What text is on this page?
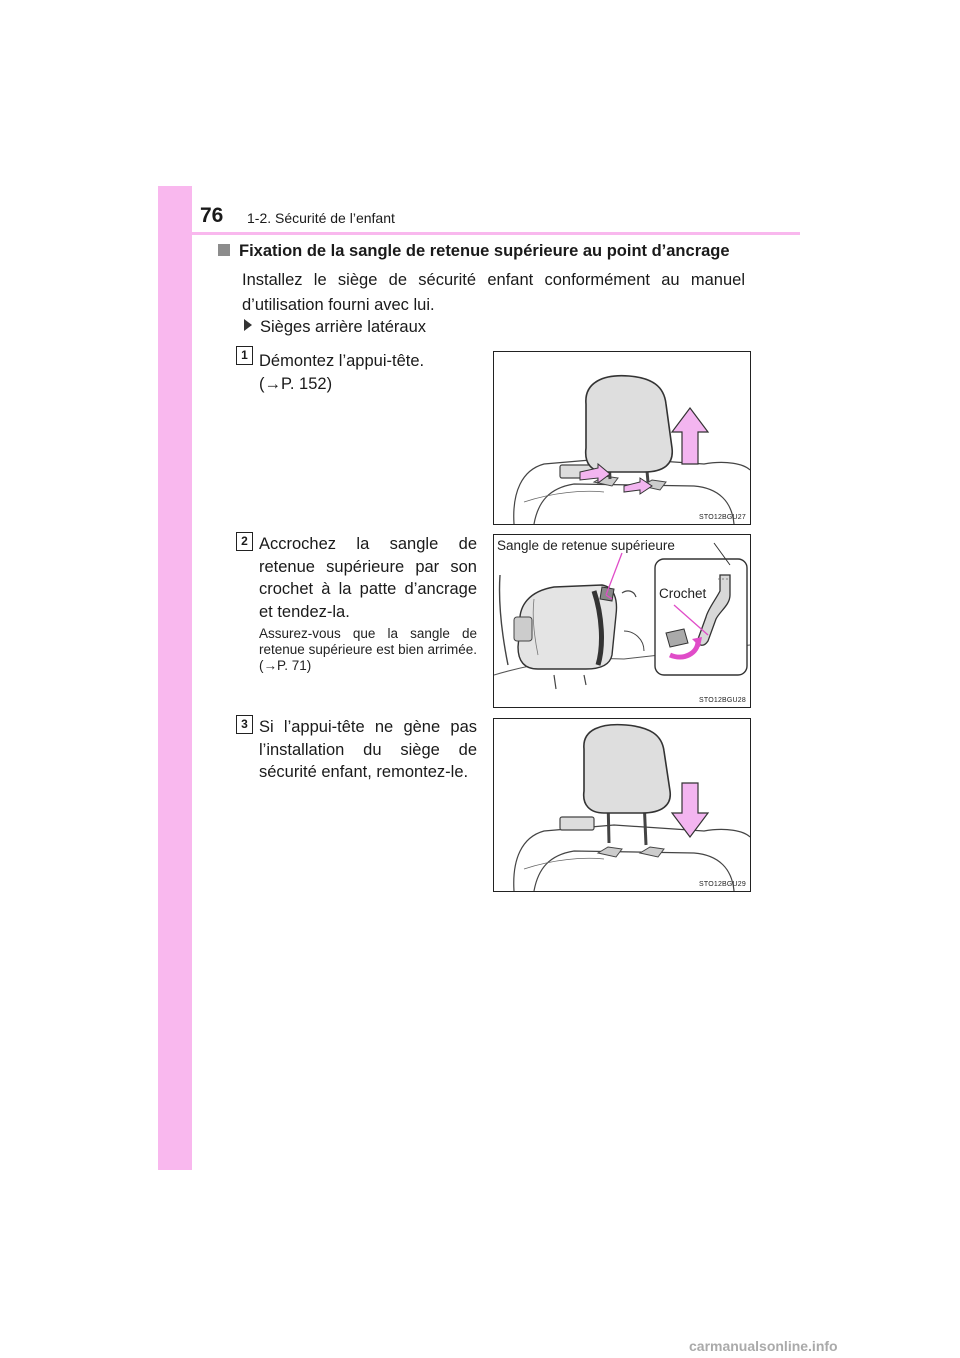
76 1-2. Sécurité de l’enfant
Fixation de la sangle de retenue supérieure au point d’ancrage
Installez le siège de sécurité enfant conformément au manuel d’utilisation fourni avec lui.
Sièges arrière latéraux
1 Démontez l’appui-tête.
(→P. 152)
STO12BGU27
2 Accrochez la sangle de retenue supérieure par son crochet à la patte d’ancrage et tendez-la.
Assurez-vous que la sangle de retenue supérieure est bien arrimée. (→P. 71)
Sangle de retenue supérieure
Crochet
STO12BGU28
3 Si l’appui-tête ne gène pas l’installation du siège de sécurité enfant, remontez-le.
STO12BGU29
carmanualsonline.info
